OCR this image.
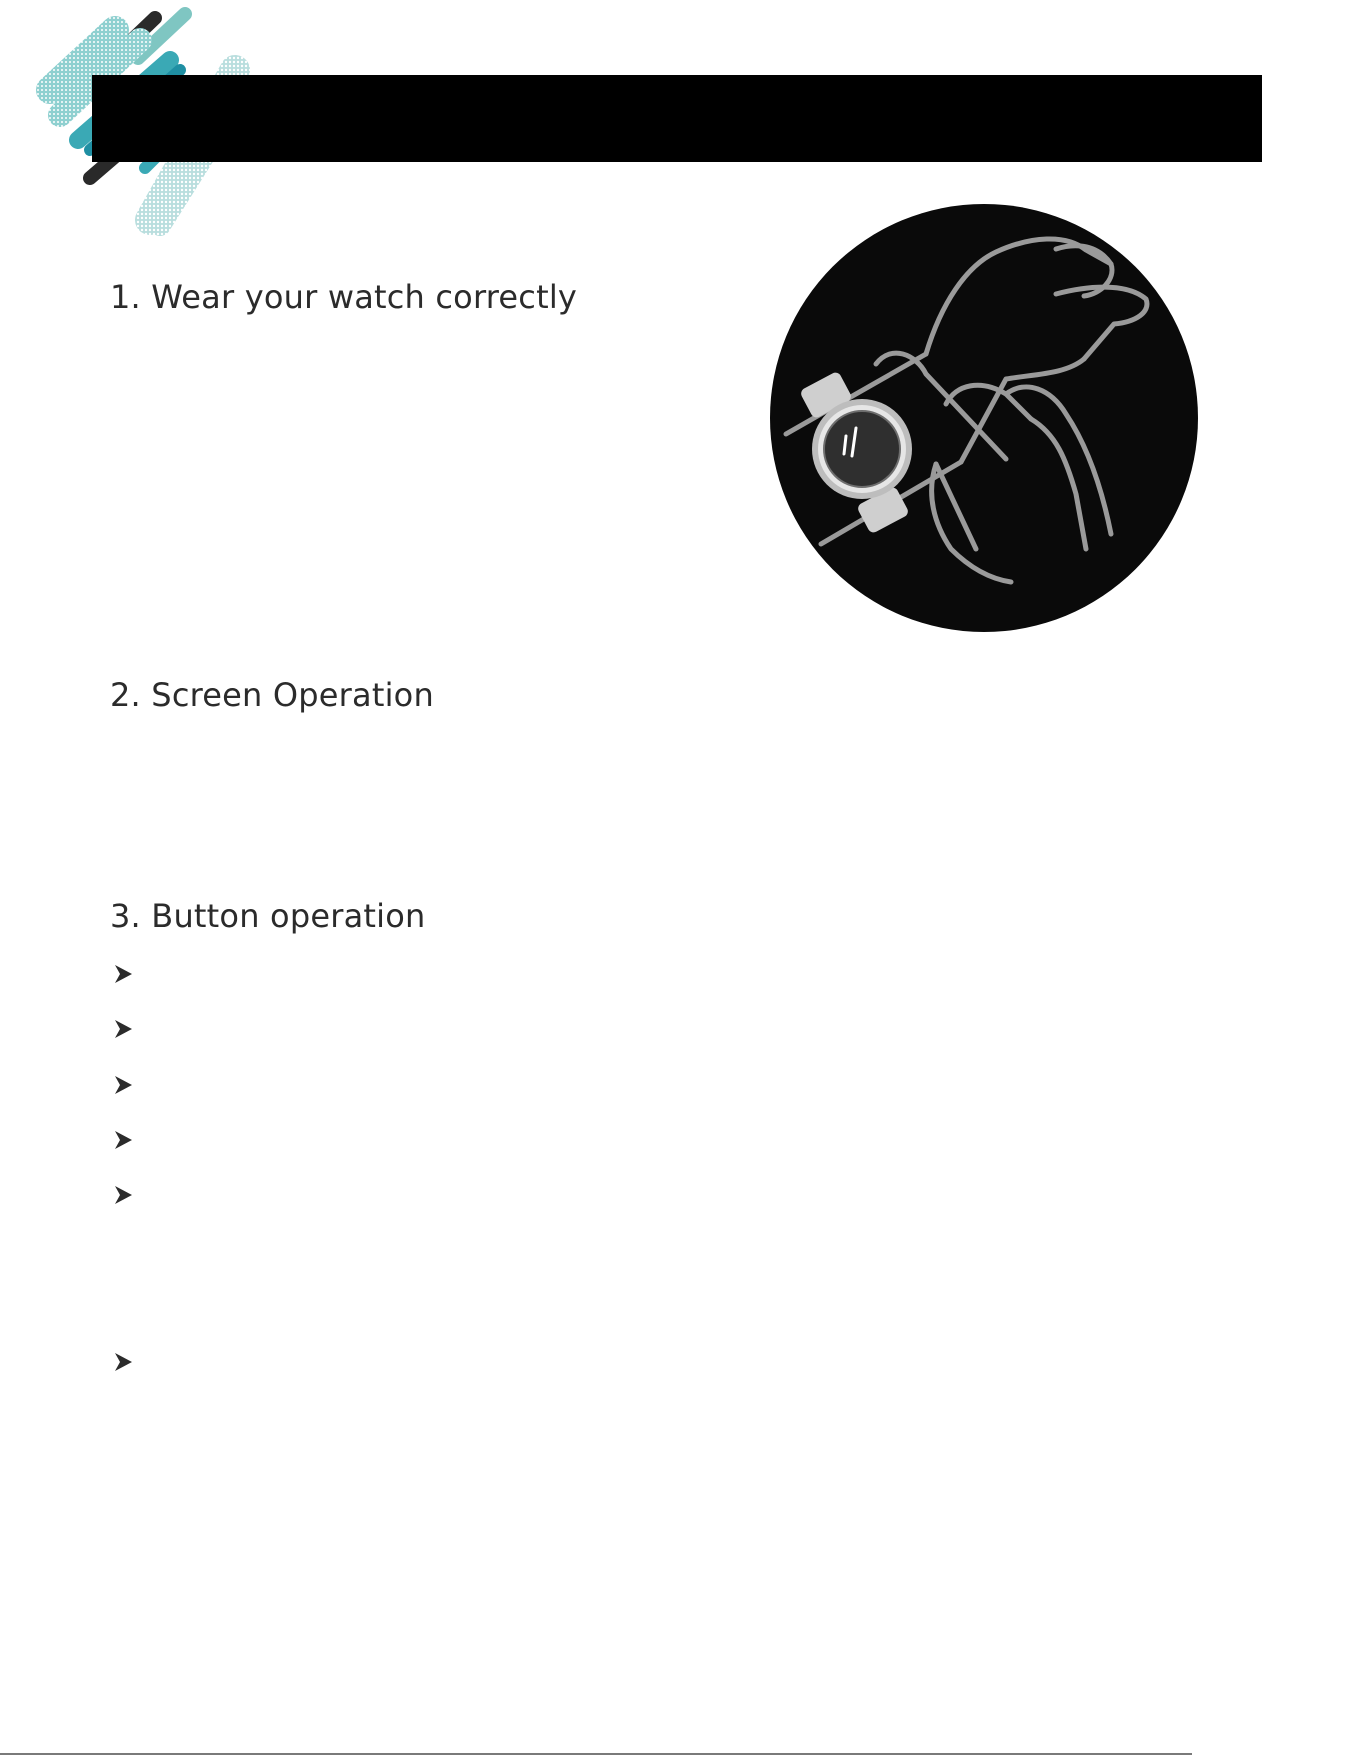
1. Wear your watch correctly
2. Screen Operation
3. Button operation
